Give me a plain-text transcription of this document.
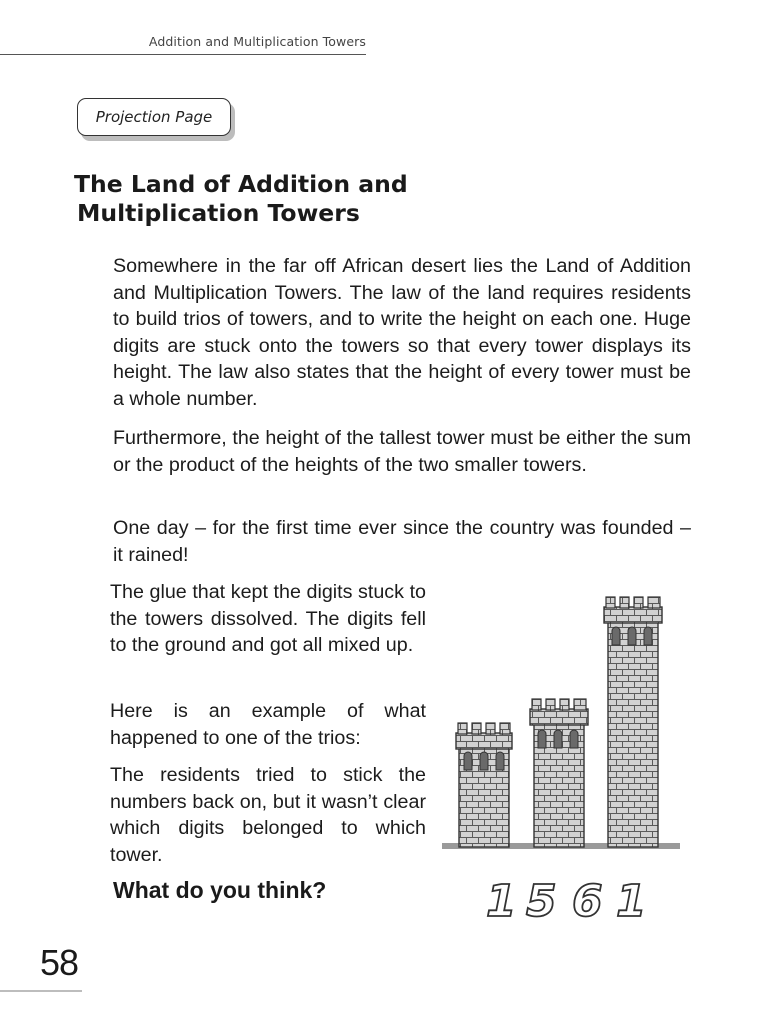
Addition and Multiplication Towers
Projection Page
The Land of Addition and
Multiplication Towers

Somewhere in the far off African desert lies the Land of Addition and Multiplication Towers. The law of the land requires residents to build trios of towers, and to write the height on each one. Huge digits are stuck onto the towers so that every tower displays its height. The law also states that the height of every tower must be a whole number.

Furthermore, the height of the tallest tower must be either the sum or the product of the heights of the two smaller towers.

One day – for the first time ever since the country was founded – it rained!

The glue that kept the digits stuck to the towers dissolved. The digits fell to the ground and got all mixed up.

Here is an example of what happened to one of the trios:

The residents tried to stick the numbers back on, but it wasn’t clear which digits belonged to which tower.

What do you think?	1 5 6 1
58
